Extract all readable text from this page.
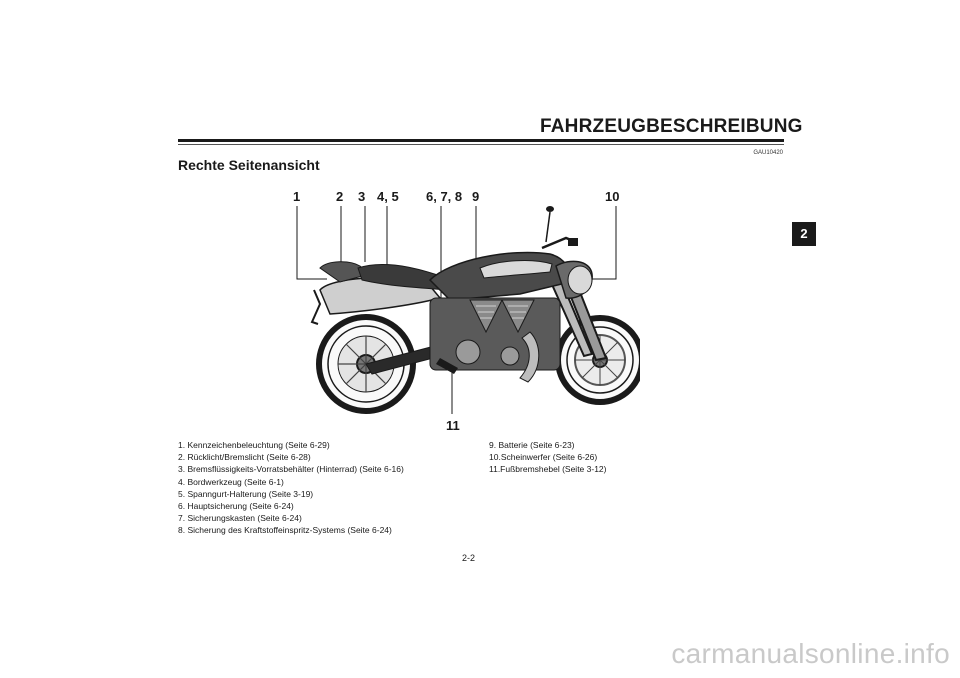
FAHRZEUGBESCHREIBUNG
2
GAU10420
Rechte Seitenansicht
1	2 3 4, 5 6, 7, 8 9	10
11
1. Kennzeichenbeleuchtung (Seite 6-29)
2. Rücklicht/Bremslicht (Seite 6-28)
3. Bremsflüssigkeits-Vorratsbehälter (Hinterrad) (Seite 6-16)
4. Bordwerkzeug (Seite 6-1)
5. Spanngurt-Halterung (Seite 3-19)
6. Hauptsicherung (Seite 6-24)
7. Sicherungskasten (Seite 6-24)
8. Sicherung des Kraftstoffeinspritz-Systems (Seite 6-24)
9. Batterie (Seite 6-23)
10.Scheinwerfer (Seite 6-26)
11.Fußbremshebel (Seite 3-12)
2-2
carmanualsonline.info
